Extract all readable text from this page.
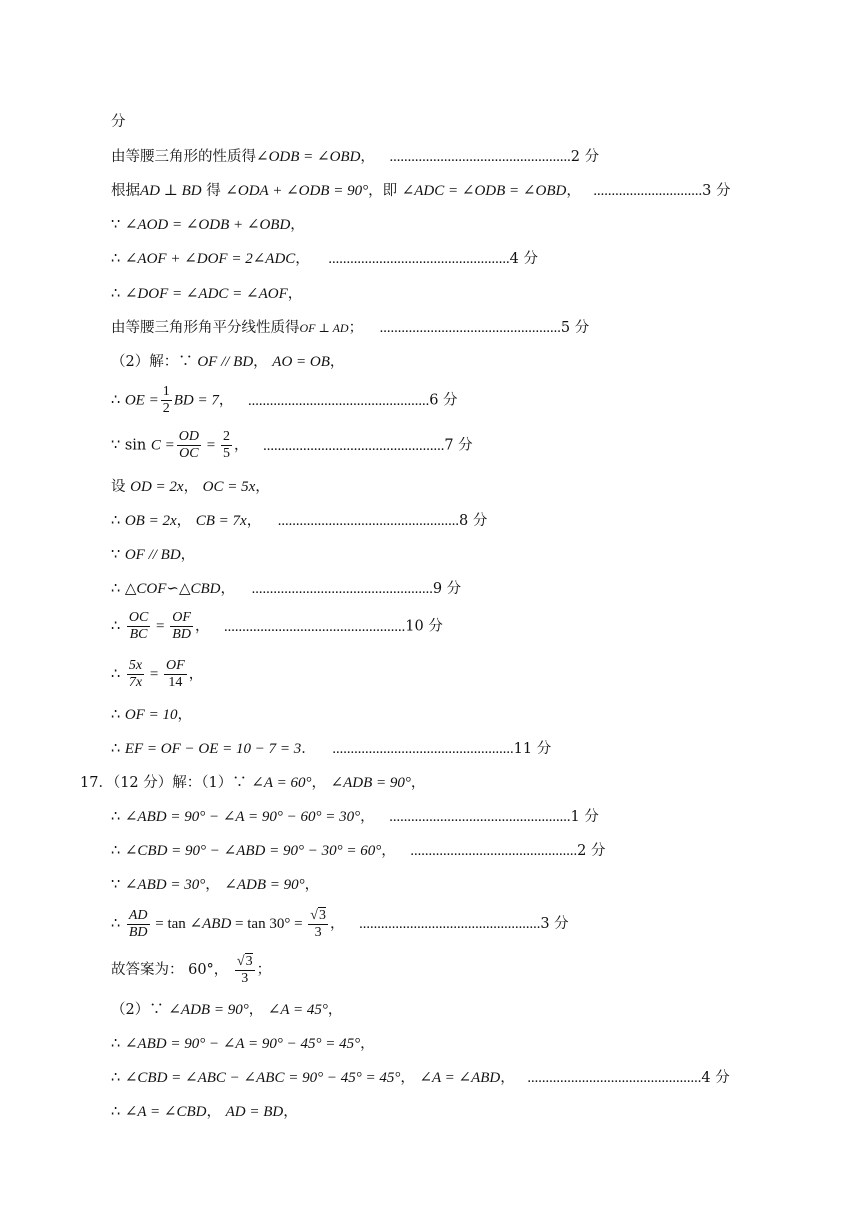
分
由等腰三角形的性质得∠ODB = ∠OBD， ..................................................2 分
根据AD ⊥ BD 得 ∠ODA + ∠ODB = 90°，即 ∠ADC = ∠ODB = ∠OBD， ..............................3 分
∵ ∠AOD = ∠ODB + ∠OBD，
∴ ∠AOF + ∠DOF = 2∠ADC， ..................................................4 分
∴ ∠DOF = ∠ADC = ∠AOF，
由等腰三角形角平分线性质得OF ⊥ AD； ..................................................5 分
（2）解：∵ OF // BD， AO = OB，
∴ OE = $\frac{1}{2}$ BD = 7， ..................................................6 分
∵ $\sin C = \frac{OD}{OC} = \frac{2}{5}$ ， ..................................................7 分
设 OD = 2x， OC = 5x，
∴ OB = 2x， CB = 7x， ..................................................8 分
∵ OF // BD，
∴ △COF∽△CBD， ..................................................9 分
∴ $\frac{OC}{BC} = \frac{OF}{BD}$ ， ..................................................10 分
∴ $\frac{5x}{7x} = \frac{OF}{14}$ ，
∴ OF = 10，
∴ EF = OF − OE = 10 − 7 = 3． ..................................................11 分
17．（12 分）解：（1）∵ ∠A = 60°， ∠ADB = 90°，
∴ ∠ABD = 90° − ∠A = 90° − 60° = 30°， ..................................................1 分
∴ ∠CBD = 90° − ∠ABD = 90° − 30° = 60°， ..............................................2 分
∵ ∠ABD = 30°， ∠ADB = 90°，
∴ $\frac{AD}{BD} = \tan$ ∠ABD = $\tan 30^\circ = \frac{√3}{3}$ ， ..................................................3 分
故答案为： 60°， $\frac{√3}{3}$ ；
（2）∵ ∠ADB = 90°， ∠A = 45°，
∴ ∠ABD = 90° − ∠A = 90° − 45° = 45°，
∴ ∠CBD = ∠ABC − ∠ABC = 90° − 45° = 45°， ∠A = ∠ABD， ................................................4 分
∴ ∠A = ∠CBD， AD = BD，
